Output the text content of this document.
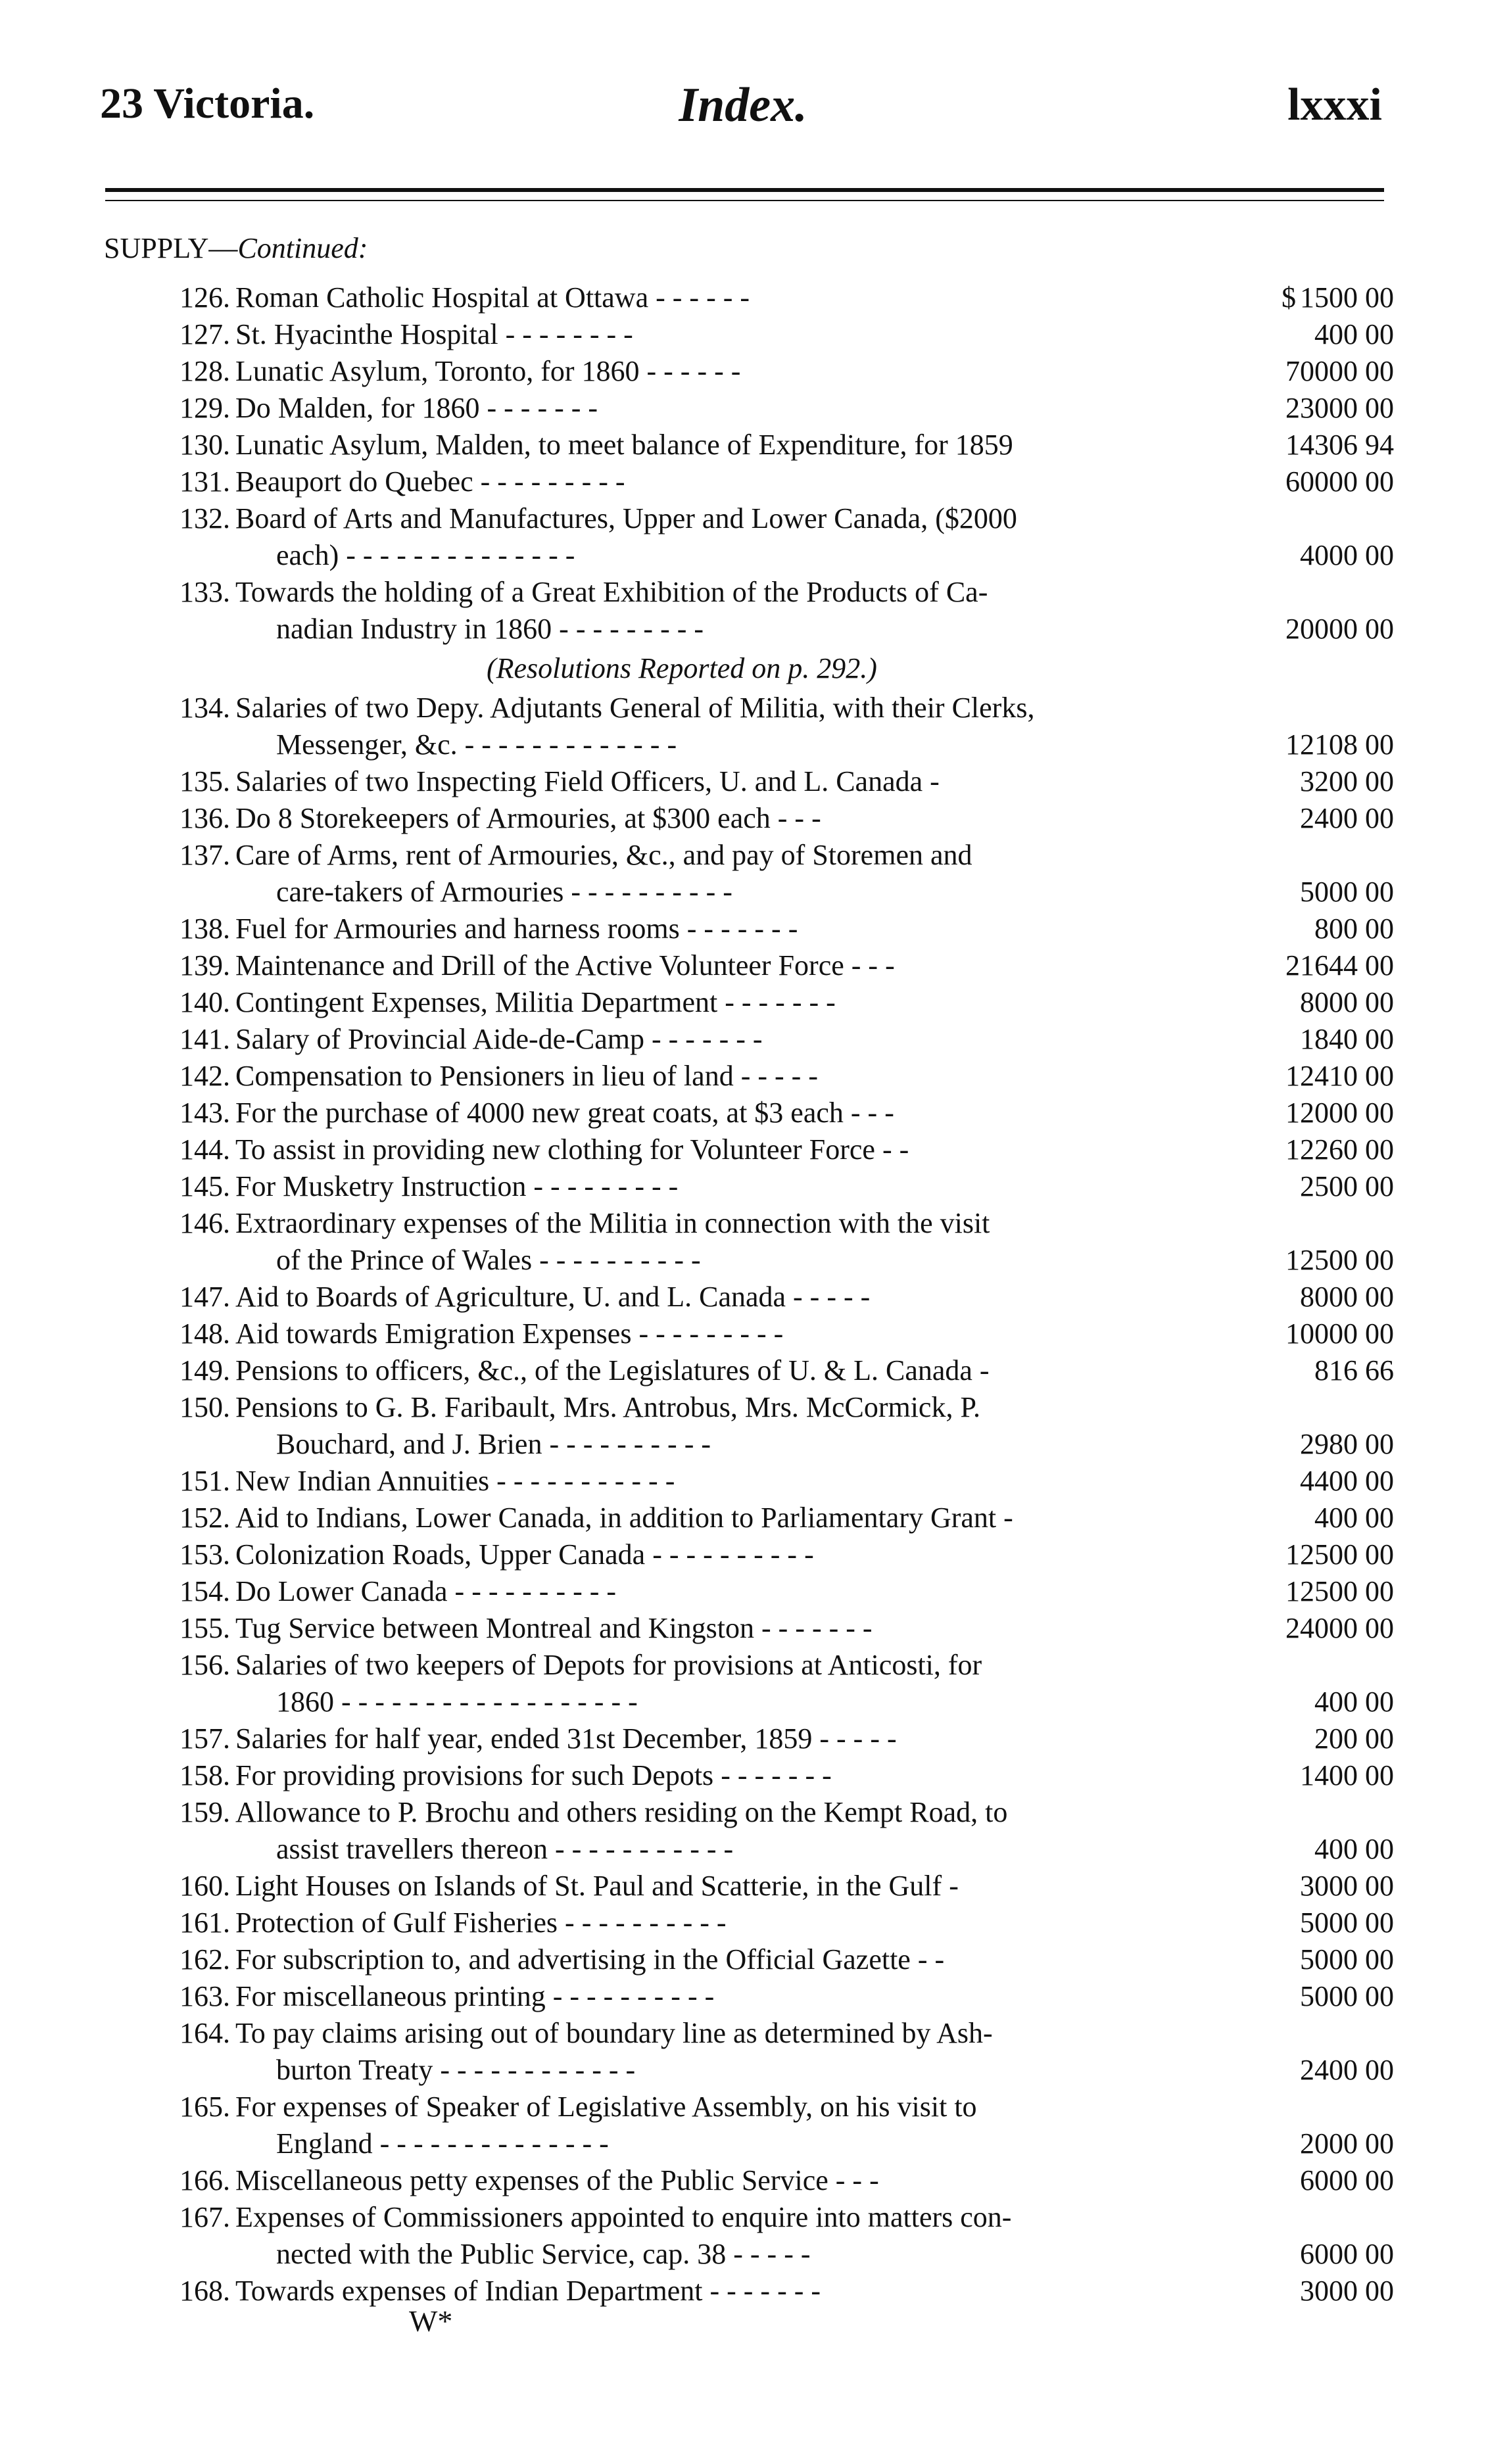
23 Victoria.	Index.	lxxxi
SUPPLY—Continued:
126. Roman Catholic Hospital at Ottawa - - - - - -	$ 1500 00
127. St. Hyacinthe Hospital - - - - - - - -	400 00
128. Lunatic Asylum, Toronto, for 1860 - - - - - -	70000 00
129. Do Malden, for 1860 - - - - - - -	23000 00
130. Lunatic Asylum, Malden, to meet balance of Expenditure, for 1859	14306 94
131. Beauport do Quebec - - - - - - - - -	60000 00
132. Board of Arts and Manufactures, Upper and Lower Canada, ($2000
each) - - - - - - - - - - - - - -	4000 00
133. Towards the holding of a Great Exhibition of the Products of Ca-
nadian Industry in 1860 - - - - - - - - -	20000 00
(Resolutions Reported on p. 292.)
134. Salaries of two Depy. Adjutants General of Militia, with their Clerks,
Messenger, &c. - - - - - - - - - - - - -	12108 00
135. Salaries of two Inspecting Field Officers, U. and L. Canada -	3200 00
136. Do 8 Storekeepers of Armouries, at $300 each - - -	2400 00
137. Care of Arms, rent of Armouries, &c., and pay of Storemen and
care-takers of Armouries - - - - - - - - - -	5000 00
138. Fuel for Armouries and harness rooms - - - - - - -	800 00
139. Maintenance and Drill of the Active Volunteer Force - - -	21644 00
140. Contingent Expenses, Militia Department - - - - - - -	8000 00
141. Salary of Provincial Aide-de-Camp - - - - - - -	1840 00
142. Compensation to Pensioners in lieu of land - - - - -	12410 00
143. For the purchase of 4000 new great coats, at $3 each - - -	12000 00
144. To assist in providing new clothing for Volunteer Force - -	12260 00
145. For Musketry Instruction - - - - - - - - -	2500 00
146. Extraordinary expenses of the Militia in connection with the visit
of the Prince of Wales - - - - - - - - - -	12500 00
147. Aid to Boards of Agriculture, U. and L. Canada - - - - -	8000 00
148. Aid towards Emigration Expenses - - - - - - - - -	10000 00
149. Pensions to officers, &c., of the Legislatures of U. & L. Canada -	816 66
150. Pensions to G. B. Faribault, Mrs. Antrobus, Mrs. McCormick, P.
Bouchard, and J. Brien - - - - - - - - - -	2980 00
151. New Indian Annuities - - - - - - - - - - -	4400 00
152. Aid to Indians, Lower Canada, in addition to Parliamentary Grant -	400 00
153. Colonization Roads, Upper Canada - - - - - - - - - -	12500 00
154. Do Lower Canada - - - - - - - - - -	12500 00
155. Tug Service between Montreal and Kingston - - - - - - -	24000 00
156. Salaries of two keepers of Depots for provisions at Anticosti, for
1860 - - - - - - - - - - - - - - - - - -	400 00
157. Salaries for half year, ended 31st December, 1859 - - - - -	200 00
158. For providing provisions for such Depots - - - - - - -	1400 00
159. Allowance to P. Brochu and others residing on the Kempt Road, to
assist travellers thereon - - - - - - - - - - -	400 00
160. Light Houses on Islands of St. Paul and Scatterie, in the Gulf -	3000 00
161. Protection of Gulf Fisheries - - - - - - - - - -	5000 00
162. For subscription to, and advertising in the Official Gazette - -	5000 00
163. For miscellaneous printing - - - - - - - - - -	5000 00
164. To pay claims arising out of boundary line as determined by Ash-
burton Treaty - - - - - - - - - - - -	2400 00
165. For expenses of Speaker of Legislative Assembly, on his visit to
England - - - - - - - - - - - - - -	2000 00
166. Miscellaneous petty expenses of the Public Service - - -	6000 00
167. Expenses of Commissioners appointed to enquire into matters con-
nected with the Public Service, cap. 38 - - - - -	6000 00
168. Towards expenses of Indian Department - - - - - - -	3000 00
W*
